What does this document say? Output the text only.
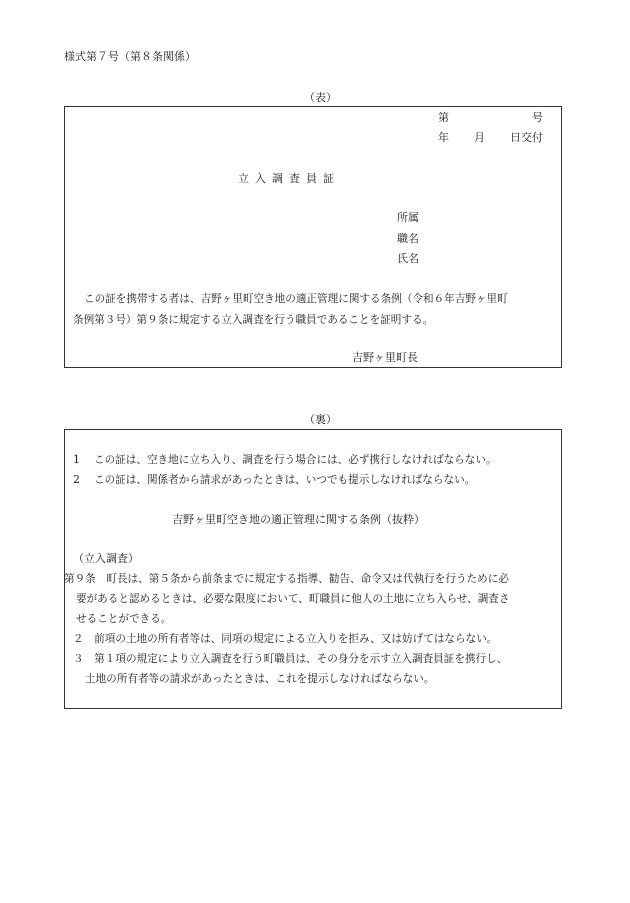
様式第７号（第８条関係）
（表）
第	号
年 月 日交付
立入調査員証
所属
職名
氏名
この証を携帯する者は、吉野ヶ里町空き地の適正管理に関する条例（令和６年吉野ヶ里町
条例第３号）第９条に規定する立入調査を行う職員であることを証明する。
吉野ヶ里町長
（裏）
1 この証は、空き地に立ち入り、調査を行う場合には、必ず携行しなければならない。
2 この証は、関係者から請求があったときは、いつでも提示しなければならない。
吉野ヶ里町空き地の適正管理に関する条例（抜粋）
（立入調査）
第９条　町長は、第５条から前条までに規定する指導、勧告、命令又は代執行を行うために必
要があると認めるときは、必要な限度において、町職員に他人の土地に立ち入らせ、調査さ
せることができる。
２　前項の土地の所有者等は、同項の規定による立入りを拒み、又は妨げてはならない。
３　第１項の規定により立入調査を行う町職員は、その身分を示す立入調査員証を携行し、
土地の所有者等の請求があったときは、これを提示しなければならない。
